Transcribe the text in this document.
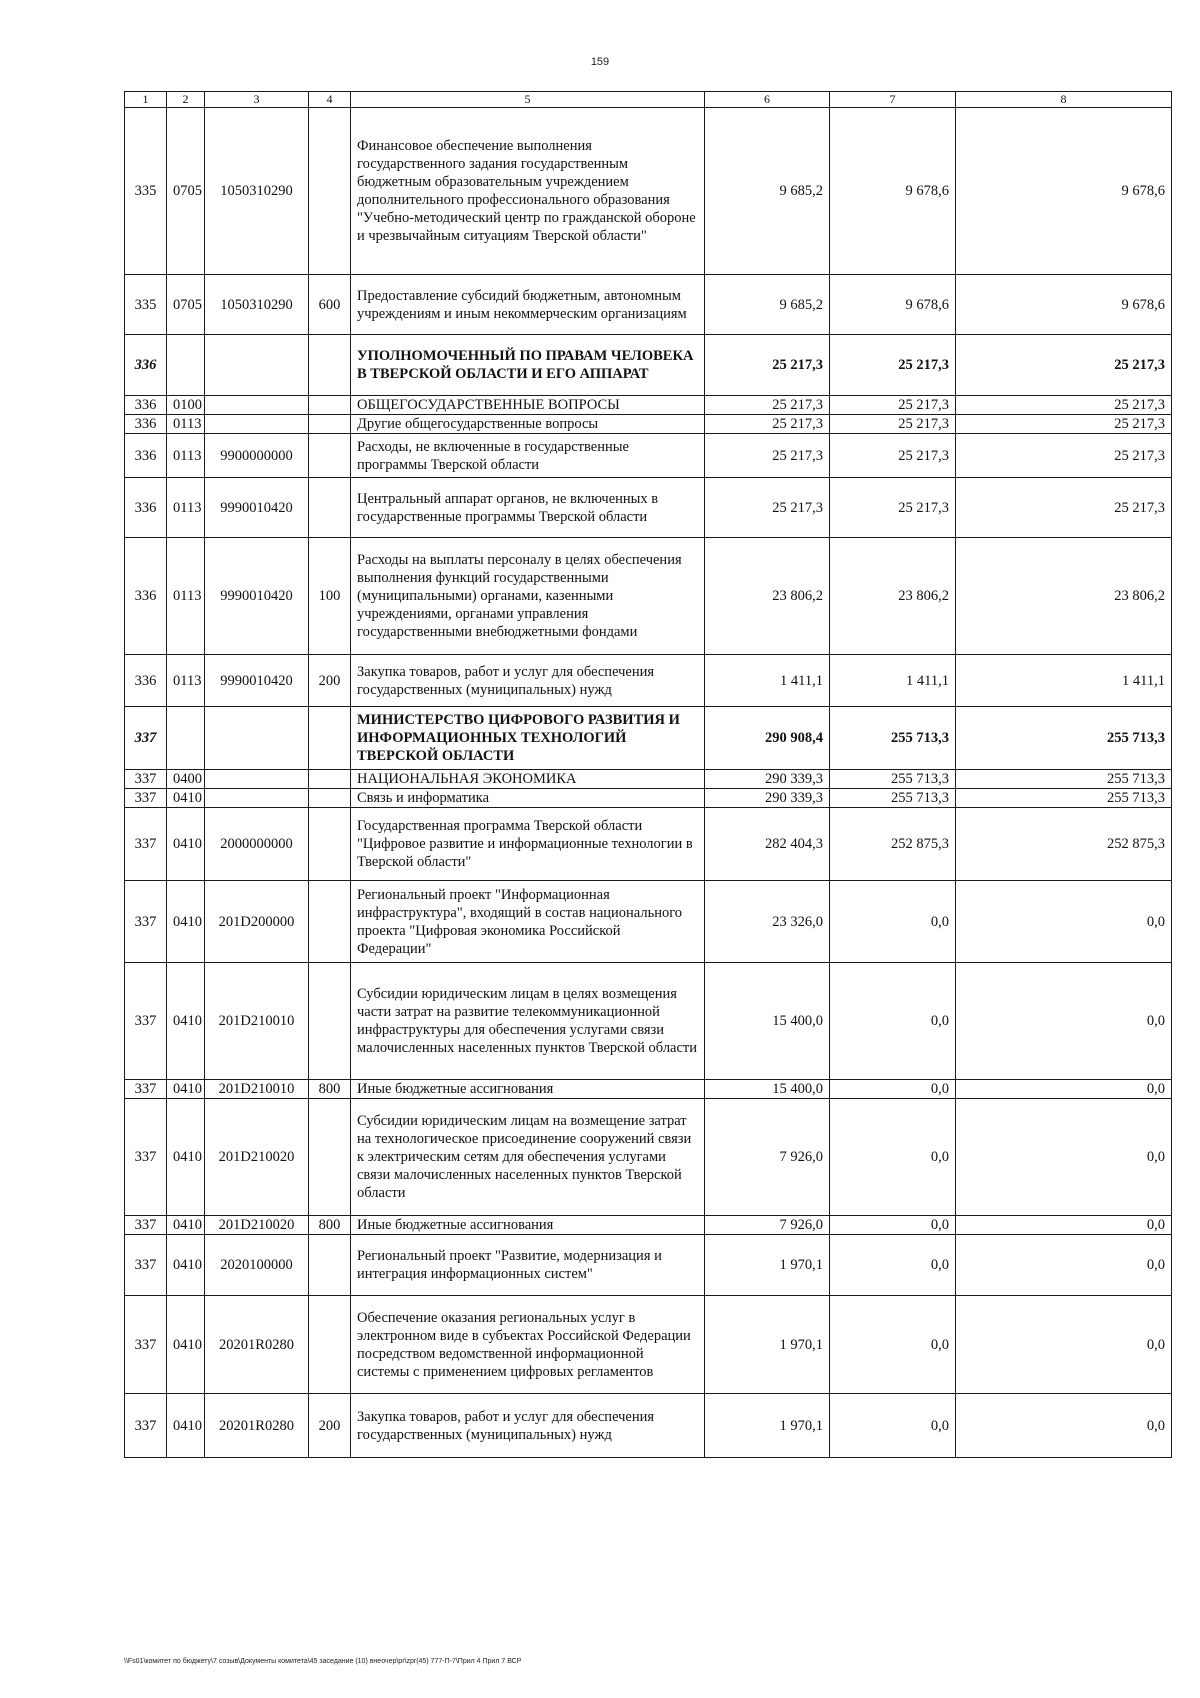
159
1	2	3	4	5	6	7	8
335	0705	1050310290		Финансовое обеспечение выполнения государственного задания государственным бюджетным образовательным учреждением дополнительного профессионального образования "Учебно-методический центр по гражданской обороне и чрезвычайным ситуациям Тверской области"	9 685,2	9 678,6	9 678,6
335	0705	1050310290	600	Предоставление субсидий бюджетным, автономным учреждениям и иным некоммерческим организациям	9 685,2	9 678,6	9 678,6
336				УПОЛНОМОЧЕННЫЙ ПО ПРАВАМ ЧЕЛОВЕКА В ТВЕРСКОЙ ОБЛАСТИ И ЕГО АППАРАТ	25 217,3	25 217,3	25 217,3
336	0100			ОБЩЕГОСУДАРСТВЕННЫЕ ВОПРОСЫ	25 217,3	25 217,3	25 217,3
336	0113			Другие общегосударственные вопросы	25 217,3	25 217,3	25 217,3
336	0113	9900000000		Расходы, не включенные в государственные программы Тверской области	25 217,3	25 217,3	25 217,3
336	0113	9990010420		Центральный аппарат органов, не включенных в государственные программы Тверской области	25 217,3	25 217,3	25 217,3
336	0113	9990010420	100	Расходы на выплаты персоналу в целях обеспечения выполнения функций государственными (муниципальными) органами, казенными учреждениями, органами управления государственными внебюджетными фондами	23 806,2	23 806,2	23 806,2
336	0113	9990010420	200	Закупка товаров, работ и услуг для обеспечения государственных (муниципальных) нужд	1 411,1	1 411,1	1 411,1
337				МИНИСТЕРСТВО ЦИФРОВОГО РАЗВИТИЯ И ИНФОРМАЦИОННЫХ ТЕХНОЛОГИЙ ТВЕРСКОЙ ОБЛАСТИ	290 908,4	255 713,3	255 713,3
337	0400			НАЦИОНАЛЬНАЯ ЭКОНОМИКА	290 339,3	255 713,3	255 713,3
337	0410			Связь и информатика	290 339,3	255 713,3	255 713,3
337	0410	2000000000		Государственная программа Тверской области "Цифровое развитие и информационные технологии в Тверской области"	282 404,3	252 875,3	252 875,3
337	0410	201D200000		Региональный проект "Информационная инфраструктура", входящий в состав национального проекта "Цифровая экономика Российской Федерации"	23 326,0	0,0	0,0
337	0410	201D210010		Субсидии юридическим лицам в целях возмещения части затрат на развитие телекоммуникационной инфраструктуры для обеспечения услугами связи малочисленных населенных пунктов Тверской области	15 400,0	0,0	0,0
337	0410	201D210010	800	Иные бюджетные ассигнования	15 400,0	0,0	0,0
337	0410	201D210020		Субсидии юридическим лицам на возмещение затрат на технологическое присоединение сооружений связи к электрическим сетям для обеспечения услугами связи малочисленных населенных пунктов Тверской области	7 926,0	0,0	0,0
337	0410	201D210020	800	Иные бюджетные ассигнования	7 926,0	0,0	0,0
337	0410	2020100000		Региональный проект "Развитие, модернизация и интеграция информационных систем"	1 970,1	0,0	0,0
337	0410	20201R0280		Обеспечение оказания региональных услуг в электронном виде в субъектах Российской Федерации посредством ведомственной информационной системы с применением цифровых регламентов	1 970,1	0,0	0,0
337	0410	20201R0280	200	Закупка товаров, работ и услуг для обеспечения государственных (муниципальных) нужд	1 970,1	0,0	0,0
\\Fs01\комитет по бюджету\7 созыв\Документы комитета\45 заседание (10) внеочер\pr\zpr(45) 777-П-7\Прил 4 Прил 7 ВСР
